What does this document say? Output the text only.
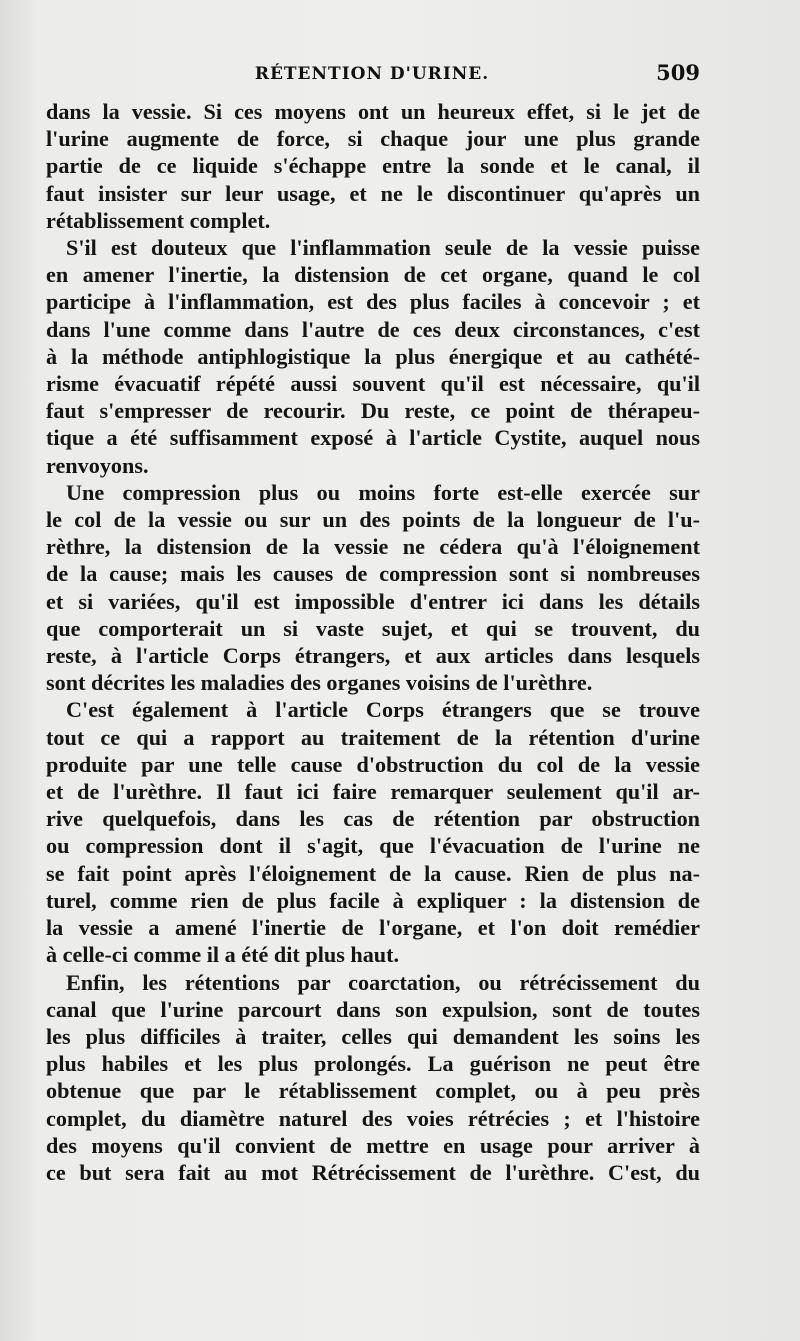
RÉTENTION D'URINE.	509
dans la vessie. Si ces moyens ont un heureux effet, si le jet de
l'urine augmente de force, si chaque jour une plus grande
partie de ce liquide s'échappe entre la sonde et le canal, il
faut insister sur leur usage, et ne le discontinuer qu'après un
rétablissement complet.
S'il est douteux que l'inflammation seule de la vessie puisse
en amener l'inertie, la distension de cet organe, quand le col
participe à l'inflammation, est des plus faciles à concevoir ; et
dans l'une comme dans l'autre de ces deux circonstances, c'est
à la méthode antiphlogistique la plus énergique et au cathété-
risme évacuatif répété aussi souvent qu'il est nécessaire, qu'il
faut s'empresser de recourir. Du reste, ce point de thérapeu-
tique a été suffisamment exposé à l'article Cystite, auquel nous
renvoyons.
Une compression plus ou moins forte est-elle exercée sur
le col de la vessie ou sur un des points de la longueur de l'u-
rèthre, la distension de la vessie ne cédera qu'à l'éloignement
de la cause; mais les causes de compression sont si nombreuses
et si variées, qu'il est impossible d'entrer ici dans les détails
que comporterait un si vaste sujet, et qui se trouvent, du
reste, à l'article Corps étrangers, et aux articles dans lesquels
sont décrites les maladies des organes voisins de l'urèthre.
C'est également à l'article Corps étrangers que se trouve
tout ce qui a rapport au traitement de la rétention d'urine
produite par une telle cause d'obstruction du col de la vessie
et de l'urèthre. Il faut ici faire remarquer seulement qu'il ar-
rive quelquefois, dans les cas de rétention par obstruction
ou compression dont il s'agit, que l'évacuation de l'urine ne
se fait point après l'éloignement de la cause. Rien de plus na-
turel, comme rien de plus facile à expliquer : la distension de
la vessie a amené l'inertie de l'organe, et l'on doit remédier
à celle-ci comme il a été dit plus haut.
Enfin, les rétentions par coarctation, ou rétrécissement du
canal que l'urine parcourt dans son expulsion, sont de toutes
les plus difficiles à traiter, celles qui demandent les soins les
plus habiles et les plus prolongés. La guérison ne peut être
obtenue que par le rétablissement complet, ou à peu près
complet, du diamètre naturel des voies rétrécies ; et l'histoire
des moyens qu'il convient de mettre en usage pour arriver à
ce but sera fait au mot Rétrécissement de l'urèthre. C'est, du
